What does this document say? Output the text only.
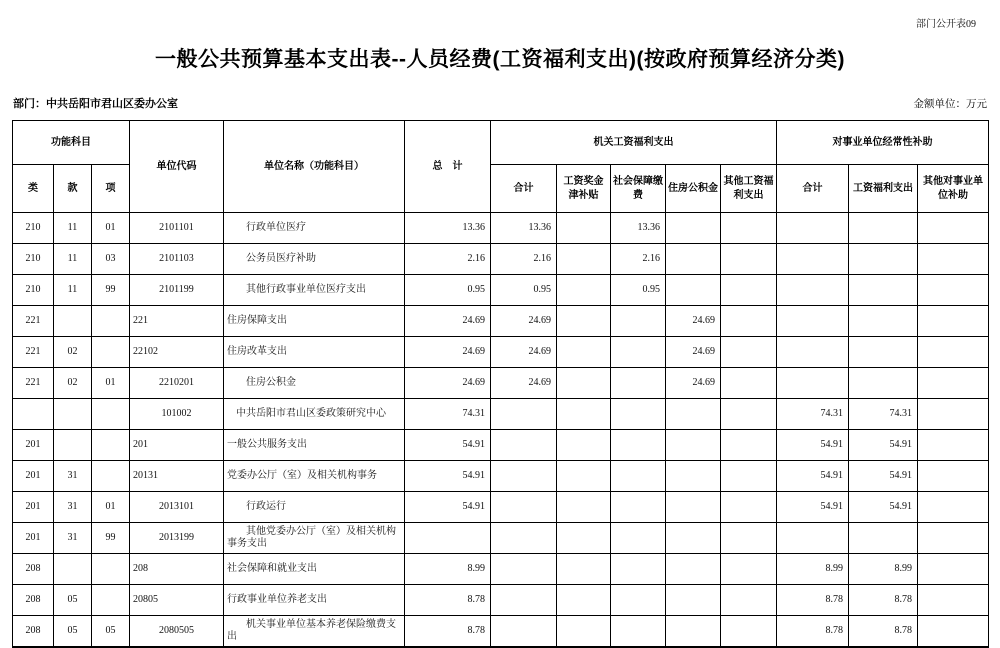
部门公开表09
一般公共预算基本支出表--人员经费(工资福利支出)(按政府预算经济分类)
部门：中共岳阳市君山区委办公室	金额单位：万元
功能科目			单位代码	单位名称（功能科目）	总　计	机关工资福利支出					对事业单位经常性补助		
类	款	项				合计	工资奖金津补贴	社会保障缴费	住房公积金	其他工资福利支出	合计	工资福利支出	其他对事业单位补助
210	11	01	2101101	行政单位医疗	13.36	13.36		13.36					
210	11	03	2101103	公务员医疗补助	2.16	2.16		2.16					
210	11	99	2101199	其他行政事业单位医疗支出	0.95	0.95		0.95					
221			221	住房保障支出	24.69	24.69			24.69				
221	02		22102	住房改革支出	24.69	24.69			24.69				
221	02	01	2210201	住房公积金	24.69	24.69			24.69				
			101002	中共岳阳市君山区委政策研究中心	74.31						74.31	74.31	
201			201	一般公共服务支出	54.91						54.91	54.91	
201	31		20131	党委办公厅（室）及相关机构事务	54.91						54.91	54.91	
201	31	01	2013101	行政运行	54.91						54.91	54.91	
201	31	99	2013199	其他党委办公厅（室）及相关机构事务支出									
208			208	社会保障和就业支出	8.99						8.99	8.99	
208	05		20805	行政事业单位养老支出	8.78						8.78	8.78	
208	05	05	2080505	机关事业单位基本养老保险缴费支出	8.78						8.78	8.78	
